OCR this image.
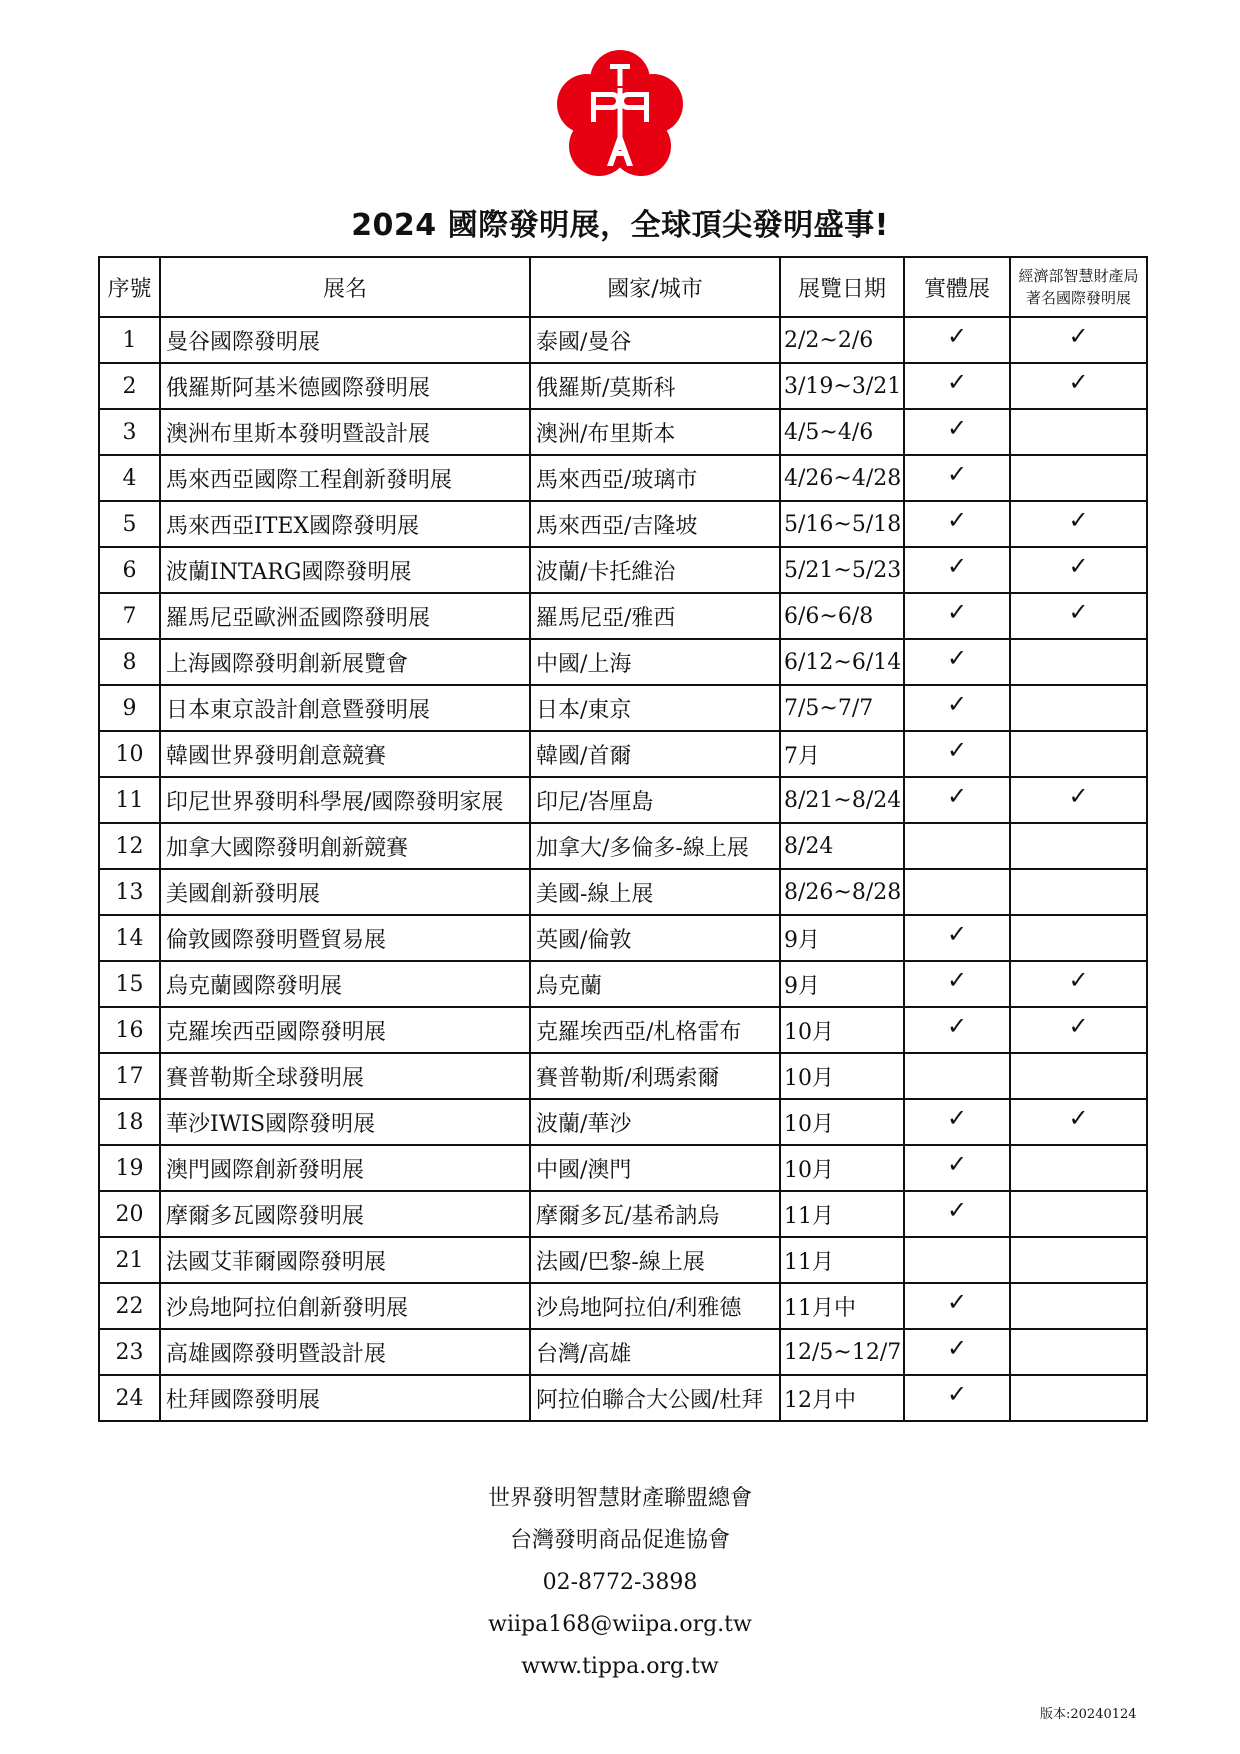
2024 國際發明展，全球頂尖發明盛事!
序號	展名	國家/城市	展覽日期	實體展	經濟部智慧財產局
著名國際發明展

1	曼谷國際發明展	泰國/曼谷	2/2~2/6	✓	✓
2	俄羅斯阿基米德國際發明展	俄羅斯/莫斯科	3/19~3/21	✓	✓
3	澳洲布里斯本發明暨設計展	澳洲/布里斯本	4/5~4/6	✓	
4	馬來西亞國際工程創新發明展	馬來西亞/玻璃市	4/26~4/28	✓	
5	馬來西亞ITEX國際發明展	馬來西亞/吉隆坡	5/16~5/18	✓	✓
6	波蘭INTARG國際發明展	波蘭/卡托維治	5/21~5/23	✓	✓
7	羅馬尼亞歐洲盃國際發明展	羅馬尼亞/雅西	6/6~6/8	✓	✓
8	上海國際發明創新展覽會	中國/上海	6/12~6/14	✓	
9	日本東京設計創意暨發明展	日本/東京	7/5~7/7	✓	
10	韓國世界發明創意競賽	韓國/首爾	7月	✓	
11	印尼世界發明科學展/國際發明家展	印尼/峇厘島	8/21~8/24	✓	✓
12	加拿大國際發明創新競賽	加拿大/多倫多-線上展	8/24		
13	美國創新發明展	美國-線上展	8/26~8/28		
14	倫敦國際發明暨貿易展	英國/倫敦	9月	✓	
15	烏克蘭國際發明展	烏克蘭	9月	✓	✓
16	克羅埃西亞國際發明展	克羅埃西亞/札格雷布	10月	✓	✓
17	賽普勒斯全球發明展	賽普勒斯/利瑪索爾	10月		
18	華沙IWIS國際發明展	波蘭/華沙	10月	✓	✓
19	澳門國際創新發明展	中國/澳門	10月	✓	
20	摩爾多瓦國際發明展	摩爾多瓦/基希訥烏	11月	✓	
21	法國艾菲爾國際發明展	法國/巴黎-線上展	11月		
22	沙烏地阿拉伯創新發明展	沙烏地阿拉伯/利雅德	11月中	✓	
23	高雄國際發明暨設計展	台灣/高雄	12/5~12/7	✓	
24	杜拜國際發明展	阿拉伯聯合大公國/杜拜	12月中	✓	
世界發明智慧財產聯盟總會
台灣發明商品促進協會
02-8772-3898
wiipa168@wiipa.org.tw
www.tippa.org.tw
版本:20240124
